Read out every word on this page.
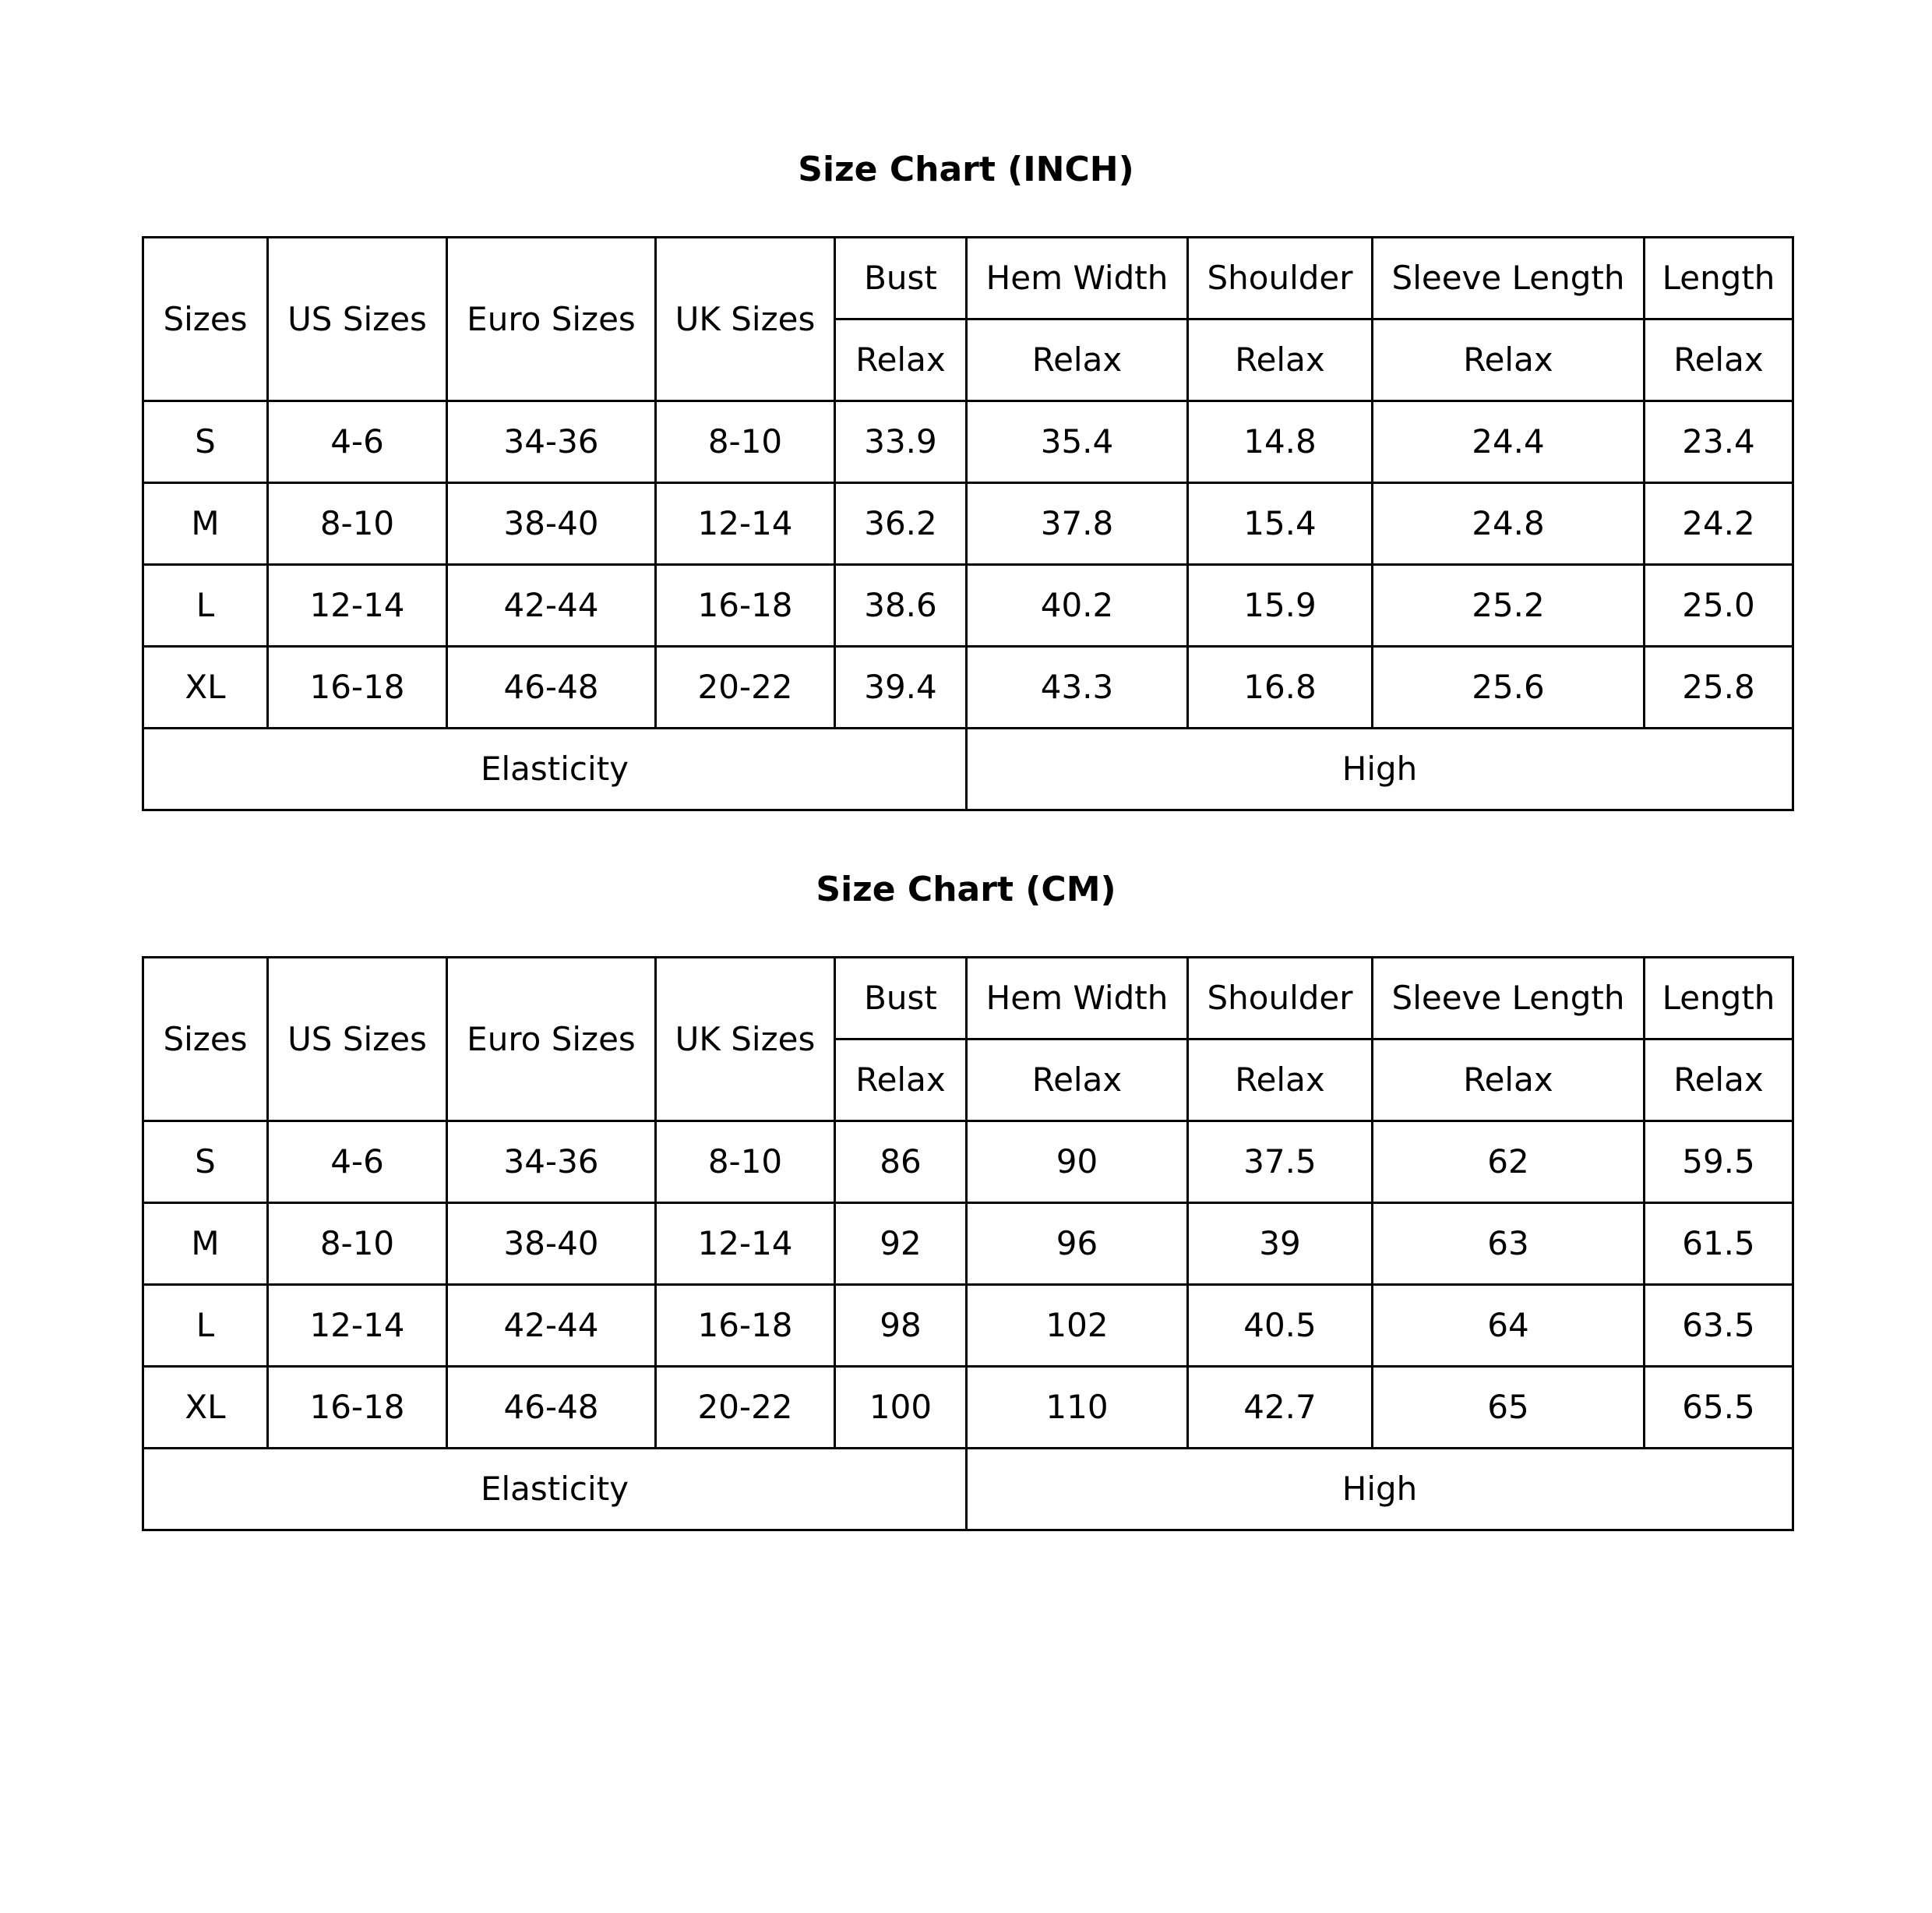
Size Chart (INCH)
Sizes	US Sizes	Euro Sizes	UK Sizes	Bust	Hem Width	Shoulder	Sleeve Length	Length
				Relax	Relax	Relax	Relax	Relax
S	4-6	34-36	8-10	33.9	35.4	14.8	24.4	23.4
M	8-10	38-40	12-14	36.2	37.8	15.4	24.8	24.2
L	12-14	42-44	16-18	38.6	40.2	15.9	25.2	25.0
XL	16-18	46-48	20-22	39.4	43.3	16.8	25.6	25.8
Elasticity					High			
Size Chart (CM)
Sizes	US Sizes	Euro Sizes	UK Sizes	Bust	Hem Width	Shoulder	Sleeve Length	Length
				Relax	Relax	Relax	Relax	Relax
S	4-6	34-36	8-10	86	90	37.5	62	59.5
M	8-10	38-40	12-14	92	96	39	63	61.5
L	12-14	42-44	16-18	98	102	40.5	64	63.5
XL	16-18	46-48	20-22	100	110	42.7	65	65.5
Elasticity					High			
